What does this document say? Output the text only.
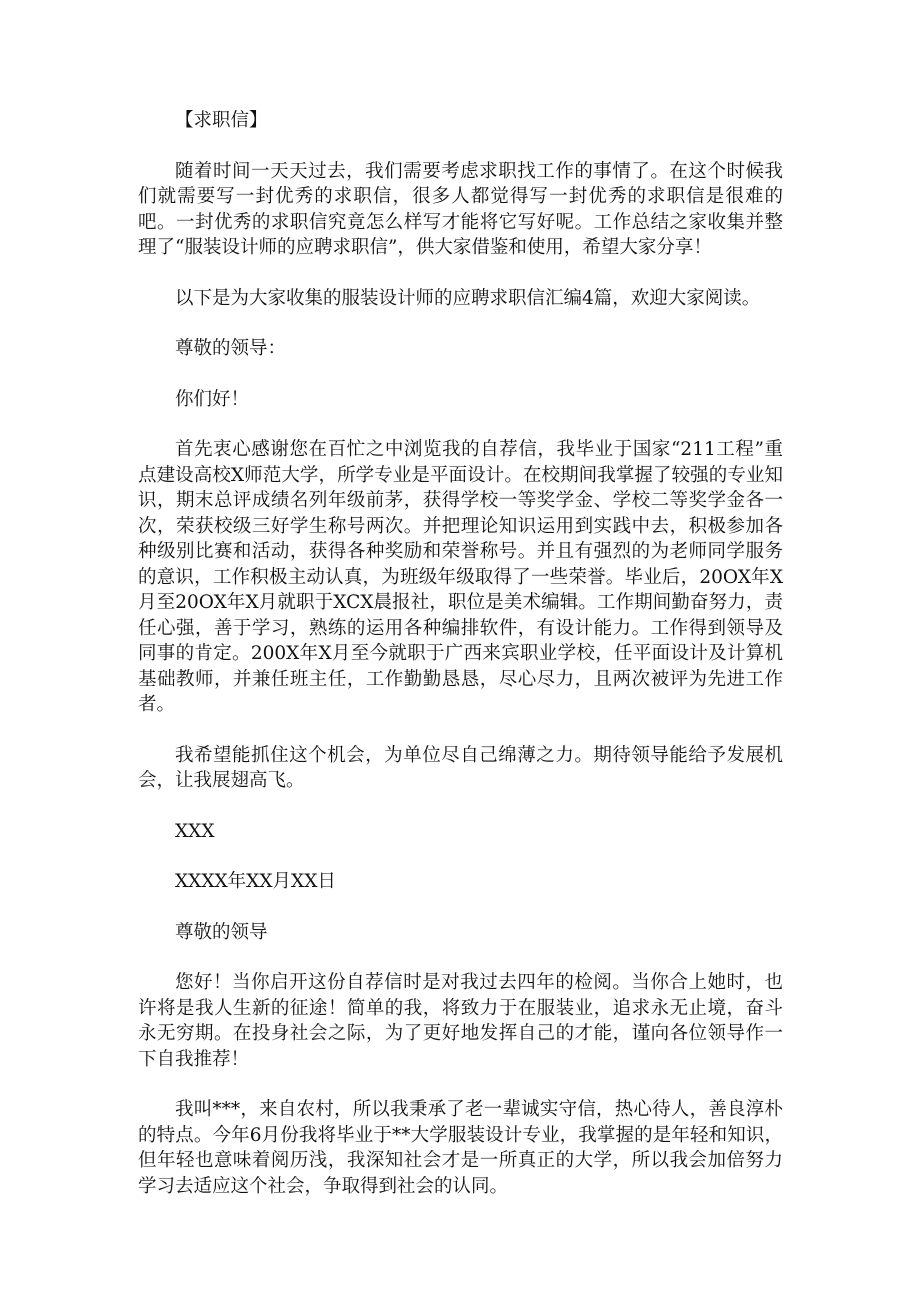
【求职信】

随着时间一天天过去，我们需要考虑求职找工作的事情了。在这个时候我们就需要写一封优秀的求职信，很多人都觉得写一封优秀的求职信是很难的吧。一封优秀的求职信究竟怎么样写才能将它写好呢。工作总结之家收集并整理了“服装设计师的应聘求职信”，供大家借鉴和使用，希望大家分享！

以下是为大家收集的服装设计师的应聘求职信汇编4篇，欢迎大家阅读。

尊敬的领导：

你们好！

首先衷心感谢您在百忙之中浏览我的自荐信，我毕业于国家“211工程”重点建设高校X师范大学，所学专业是平面设计。在校期间我掌握了较强的专业知识，期末总评成绩名列年级前茅，获得学校一等奖学金、学校二等奖学金各一次，荣获校级三好学生称号两次。并把理论知识运用到实践中去，积极参加各种级别比赛和活动，获得各种奖励和荣誉称号。并且有强烈的为老师同学服务的意识，工作积极主动认真，为班级年级取得了一些荣誉。毕业后，20OX年X月至20OX年X月就职于XCX晨报社，职位是美术编辑。工作期间勤奋努力，责任心强，善于学习，熟练的运用各种编排软件，有设计能力。工作得到领导及同事的肯定。200X年X月至今就职于广西来宾职业学校，任平面设计及计算机基础教师，并兼任班主任，工作勤勤恳恳，尽心尽力，且两次被评为先进工作者。

我希望能抓住这个机会，为单位尽自己绵薄之力。期待领导能给予发展机会，让我展翅高飞。

XXX

XXXX年XX月XX日

尊敬的领导

您好！当你启开这份自荐信时是对我过去四年的检阅。当你合上她时，也许将是我人生新的征途！简单的我，将致力于在服装业，追求永无止境，奋斗永无穷期。在投身社会之际，为了更好地发挥自己的才能，谨向各位领导作一下自我推荐！

我叫***，来自农村，所以我秉承了老一辈诚实守信，热心待人，善良淳朴的特点。今年6月份我将毕业于**大学服装设计专业，我掌握的是年轻和知识，但年轻也意味着阅历浅，我深知社会才是一所真正的大学，所以我会加倍努力学习去适应这个社会，争取得到社会的认同。
